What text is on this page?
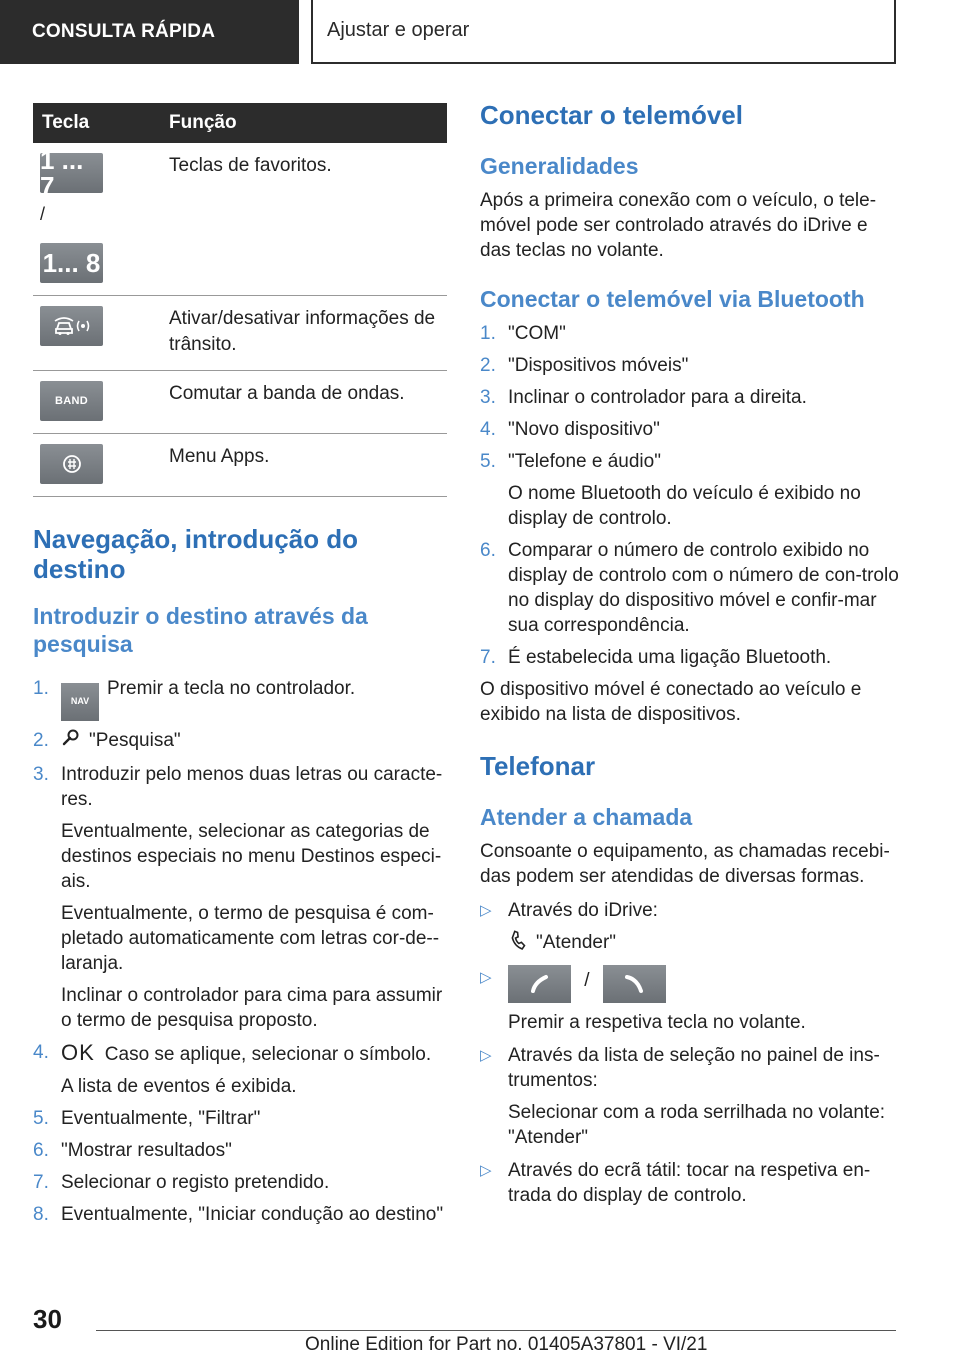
CONSULTA RÁPIDA	Ajustar e operar
Tecla	Função

1 ... 7
/
1... 8	Teclas de favoritos.

	Ativar/desativar informações de trânsito.

BAND	Comutar a banda de ondas.

	Menu Apps.
Navegação, introdução do destino
Introduzir o destino através da pesquisa
1.
NAVPremir a tecla no controlador.
2. "Pesquisa"
3. Introduzir pelo menos duas letras ou caracte-res.
Eventualmente, selecionar as categorias de destinos especiais no menu Destinos especi-ais.
Eventualmente, o termo de pesquisa é com-pletado automaticamente com letras cor-de--laranja.
Inclinar o controlador para cima para assumir o termo de pesquisa proposto.
4. OK Caso se aplique, selecionar o símbolo.
A lista de eventos é exibida.
5. Eventualmente, "Filtrar"
6. "Mostrar resultados"
7. Selecionar o registo pretendido.
8. Eventualmente, "Iniciar condução ao destino"
Conectar o telemóvel
Generalidades

Após a primeira conexão com o veículo, o tele-móvel pode ser controlado através do iDrive e das teclas no volante.

Conectar o telemóvel via Bluetooth
1. "COM"
2. "Dispositivos móveis"
3. Inclinar o controlador para a direita.
4. "Novo dispositivo"
5. "Telefone e áudio"
O nome Bluetooth do veículo é exibido no display de controlo.
6. Comparar o número de controlo exibido no display de controlo com o número de con-trolo no display do dispositivo móvel e confir-mar sua correspondência.
7. É estabelecida uma ligação Bluetooth.

O dispositivo móvel é conectado ao veículo e exibido na lista de dispositivos.

Telefonar
Atender a chamada

Consoante o equipamento, as chamadas recebi-das podem ser atendidas de diversas formas.

▷ Através do iDrive:
"Atender"
▷	/
Premir a respetiva tecla no volante.
▷ Através da lista de seleção no painel de ins-trumentos:
Selecionar com a roda serrilhada no volante: "Atender"
▷ Através do ecrã tátil: tocar na respetiva en-trada do display de controlo.
30
Online Edition for Part no. 01405A37801 - VI/21
